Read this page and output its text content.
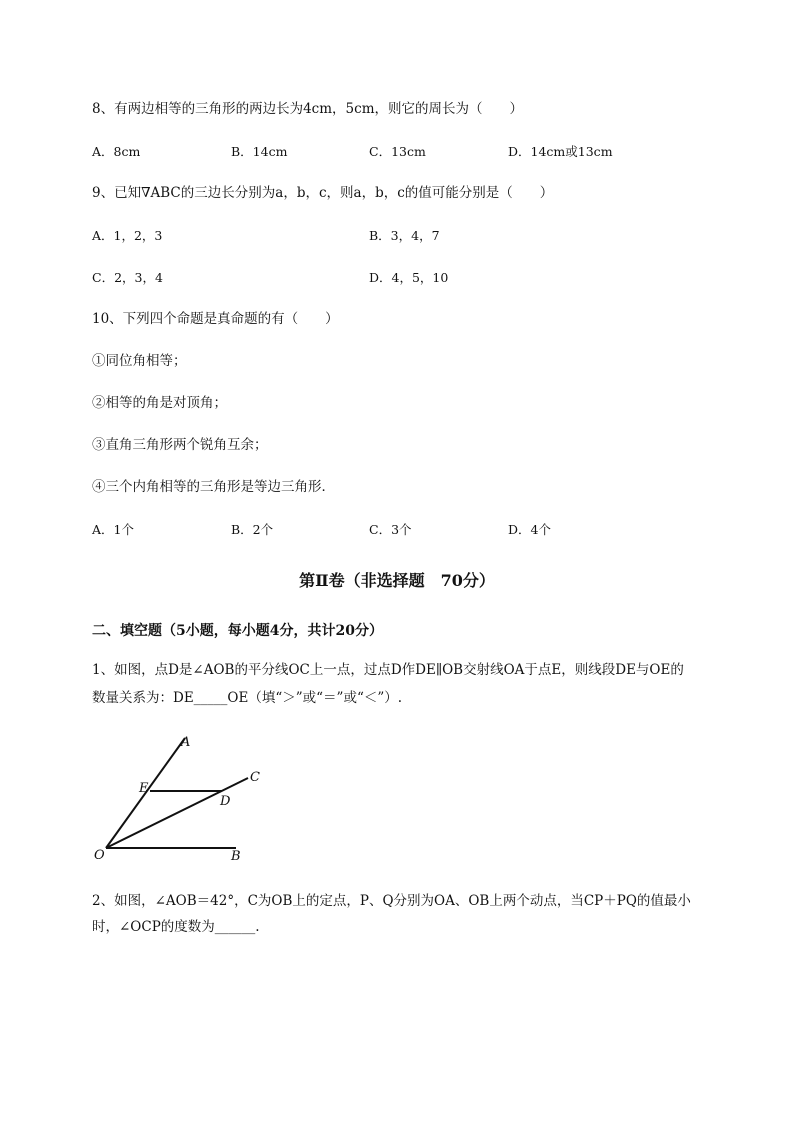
8、有两边相等的三角形的两边长为4cm，5cm，则它的周长为（　　）
A．8cm	B．14cm	C．13cm	D．14cm或13cm
9、已知∇ABC的三边长分别为a，b，c，则a，b，c的值可能分别是（　　）
A．1，2，3	B．3，4，7
C．2，3，4	D．4，5，10
10、下列四个命题是真命题的有（　　）
①同位角相等；
②相等的角是对顶角；
③直角三角形两个锐角互余；
④三个内角相等的三角形是等边三角形．
A．1个	B．2个	C．3个	D．4个
第Ⅱ卷（非选择题　70分）
二、填空题（5小题，每小题4分，共计20分）
1、如图，点D是∠AOB的平分线OC上一点，过点D作DE∥OB交射线OA于点E，则线段DE与OE的
数量关系为：DE_____OE（填“＞”或“＝”或“＜”）.
A
C
E
D
O	B
2、如图，∠AOB＝42°，C为OB上的定点，P、Q分别为OA、OB上两个动点，当CP＋PQ的值最小
时，∠OCP的度数为______.
